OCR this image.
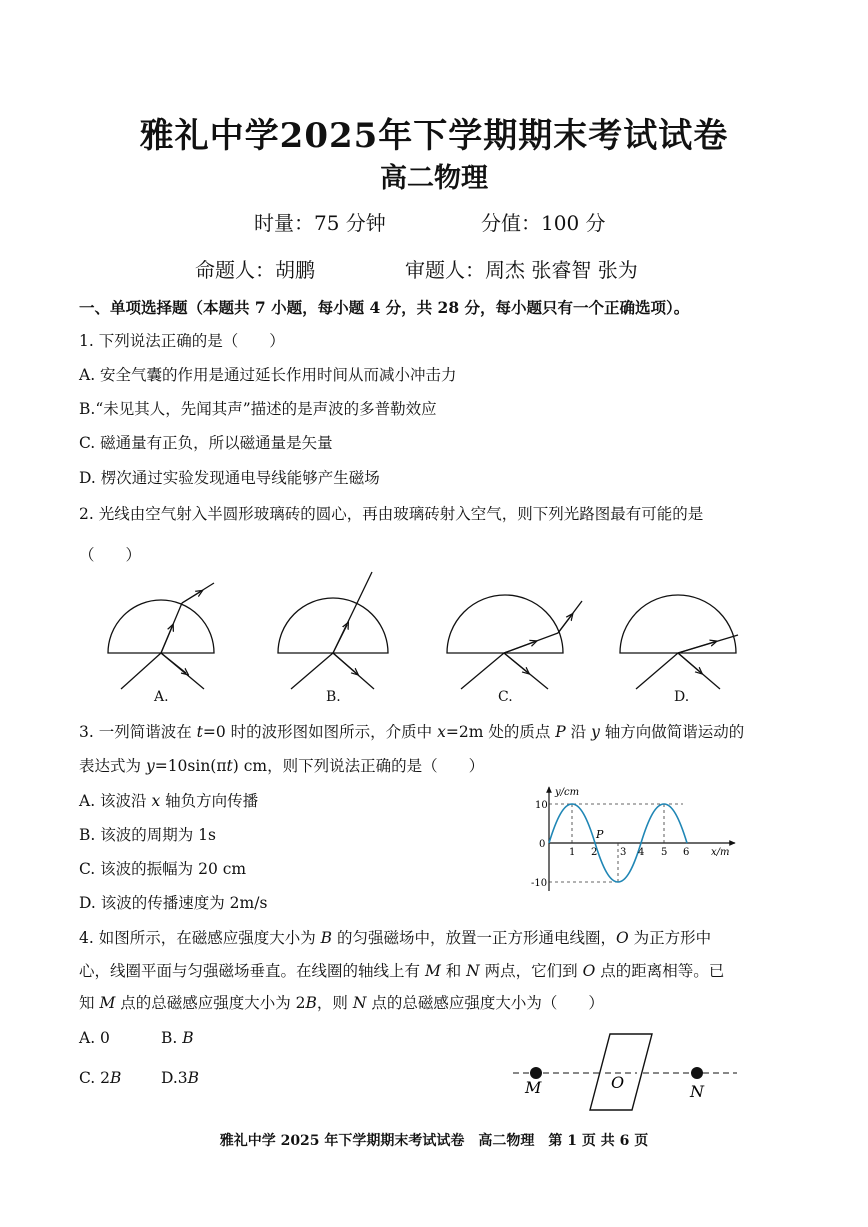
雅礼中学2025年下学期期末考试试卷
高二物理
时量：75 分钟	分值：100 分
命题人：胡鹏	审题人：周杰 张睿智 张为
一、单项选择题（本题共 7 小题，每小题 4 分，共 28 分，每小题只有一个正确选项）。
1. 下列说法正确的是（　　）
A. 安全气囊的作用是通过延长作用时间从而减小冲击力
B.“未见其人，先闻其声”描述的是声波的多普勒效应
C. 磁通量有正负，所以磁通量是矢量
D. 楞次通过实验发现通电导线能够产生磁场
2. 光线由空气射入半圆形玻璃砖的圆心，再由玻璃砖射入空气，则下列光路图最有可能的是
（　　）
A.	B.	C.	D.
3. 一列简谐波在 t=0 时的波形图如图所示，介质中 x=2m 处的质点 P 沿 y 轴方向做简谐运动的
表达式为 y=10sin(πt) cm，则下列说法正确的是（　　）
A. 该波沿 x 轴负方向传播
B. 该波的周期为 1s
C. 该波的振幅为 20 cm
D. 该波的传播速度为 2m/s
10
0
-10
1 2 3 4 5 6
P
y/cm
x/m
4. 如图所示，在磁感应强度大小为 B 的匀强磁场中，放置一正方形通电线圈，O 为正方形中
心，线圈平面与匀强磁场垂直。在线圈的轴线上有 M 和 N 两点，它们到 O 点的距离相等。已
知 M 点的总磁感应强度大小为 2B，则 N 点的总磁感应强度大小为（　　）
A. 0	B. B
C. 2B	D.3B	M	O	N
雅礼中学 2025 年下学期期末考试试卷　高二物理　第 1 页 共 6 页
